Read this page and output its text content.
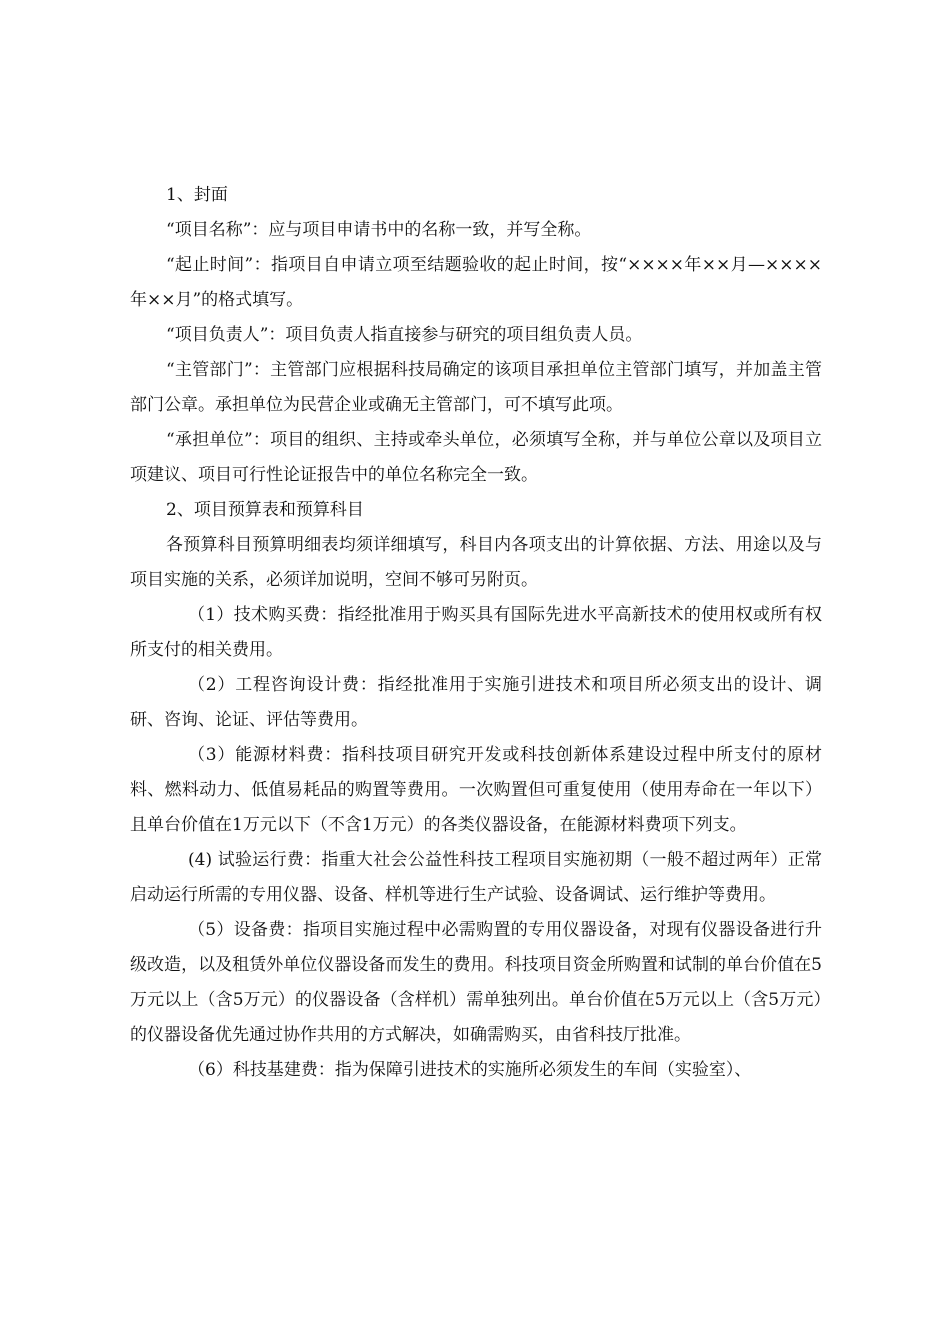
1、封面

“项目名称”：应与项目申请书中的名称一致，并写全称。

“起止时间”：指项目自申请立项至结题验收的起止时间，按“××××年××月—××××年××月”的格式填写。

“项目负责人”：项目负责人指直接参与研究的项目组负责人员。

“主管部门”：主管部门应根据科技局确定的该项目承担单位主管部门填写，并加盖主管部门公章。承担单位为民营企业或确无主管部门，可不填写此项。

“承担单位”：项目的组织、主持或牵头单位，必须填写全称，并与单位公章以及项目立项建议、项目可行性论证报告中的单位名称完全一致。

2、项目预算表和预算科目

各预算科目预算明细表均须详细填写，科目内各项支出的计算依据、方法、用途以及与项目实施的关系，必须详加说明，空间不够可另附页。

（1）技术购买费：指经批准用于购买具有国际先进水平高新技术的使用权或所有权所支付的相关费用。

（2）工程咨询设计费：指经批准用于实施引进技术和项目所必须支出的设计、调研、咨询、论证、评估等费用。

（3）能源材料费：指科技项目研究开发或科技创新体系建设过程中所支付的原材料、燃料动力、低值易耗品的购置等费用。一次购置但可重复使用（使用寿命在一年以下）且单台价值在1万元以下（不含1万元）的各类仪器设备，在能源材料费项下列支。

(4) 试验运行费：指重大社会公益性科技工程项目实施初期（一般不超过两年）正常启动运行所需的专用仪器、设备、样机等进行生产试验、设备调试、运行维护等费用。

（5）设备费：指项目实施过程中必需购置的专用仪器设备，对现有仪器设备进行升级改造，以及租赁外单位仪器设备而发生的费用。科技项目资金所购置和试制的单台价值在5万元以上（含5万元）的仪器设备（含样机）需单独列出。单台价值在5万元以上（含5万元）的仪器设备优先通过协作共用的方式解决，如确需购买，由省科技厅批准。

（6）科技基建费：指为保障引进技术的实施所必须发生的车间（实验室）、
